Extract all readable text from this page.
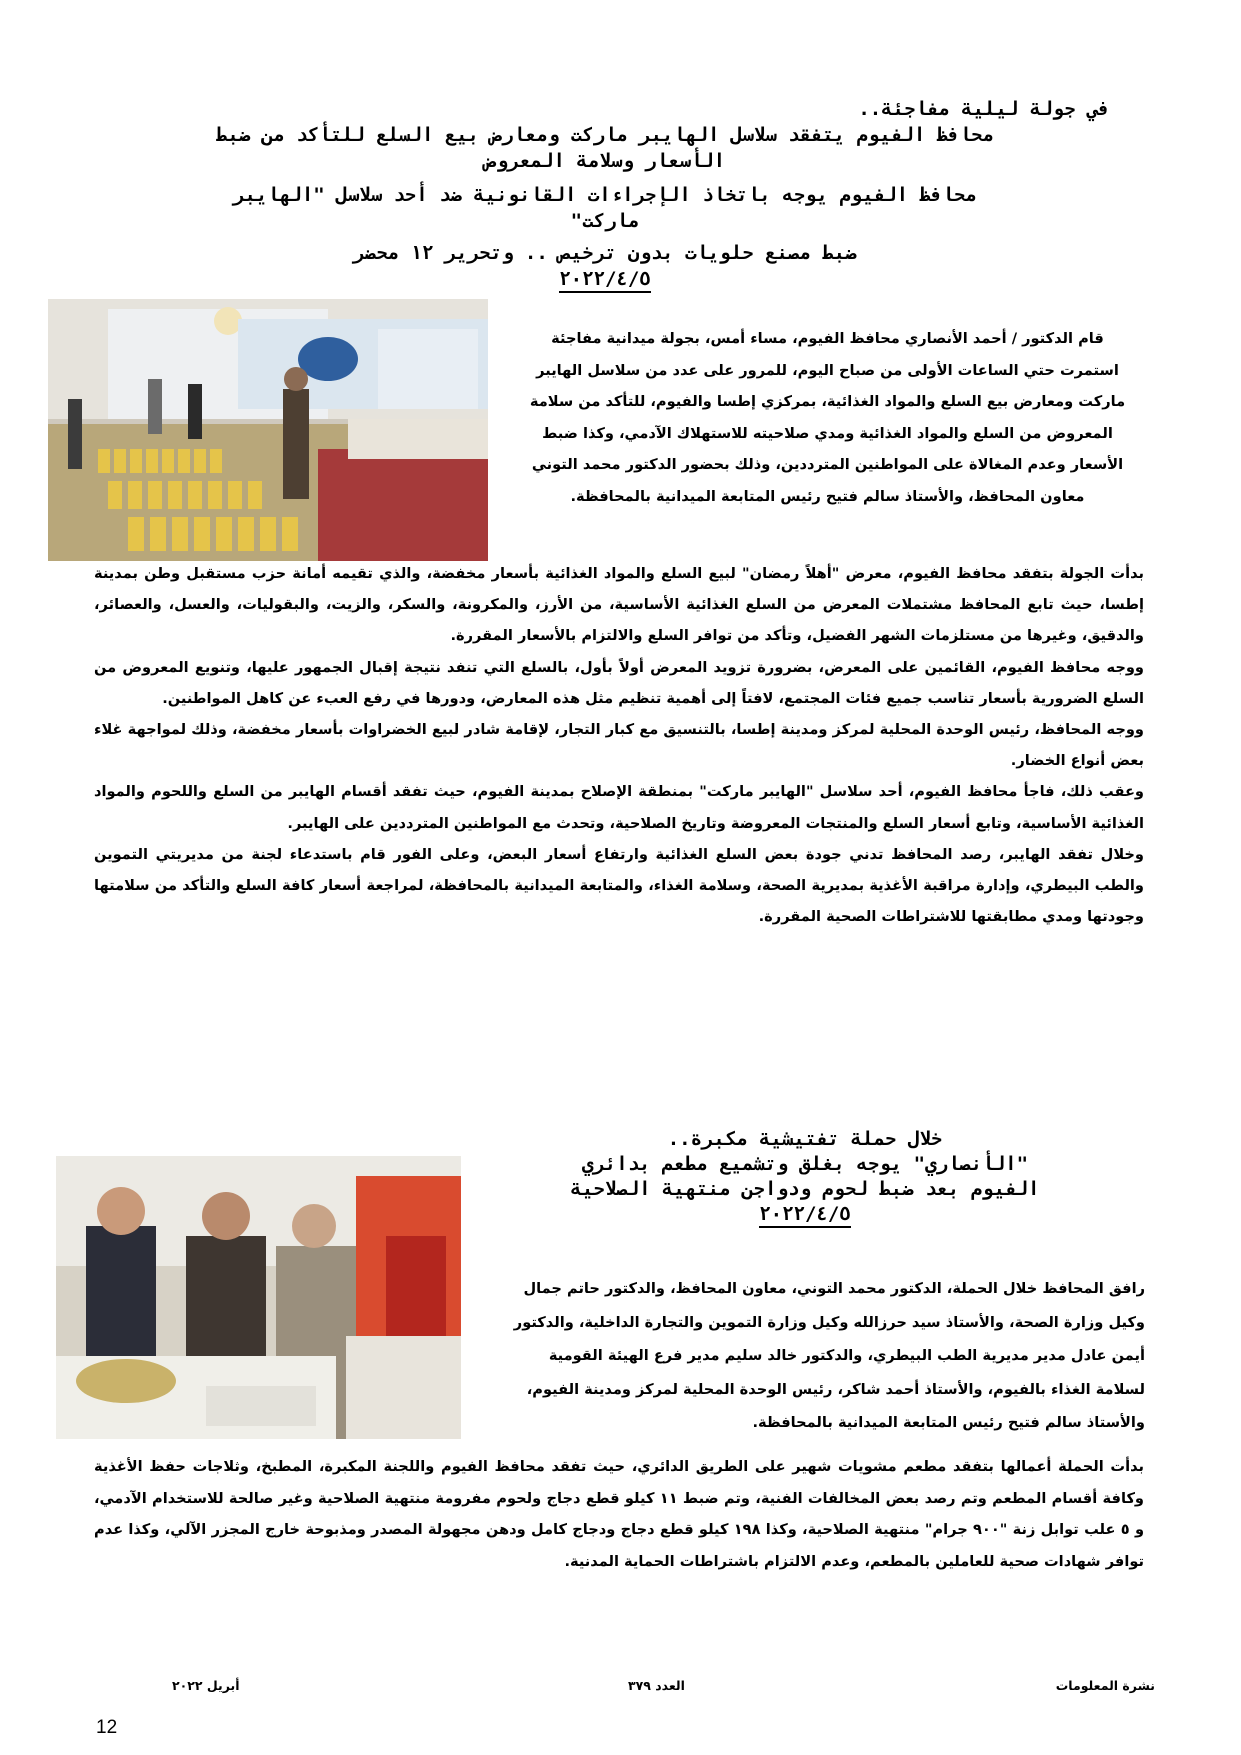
في جولة ليلية مفاجئة..
محافظ الفيوم يتفقد سلاسل الهايبر ماركت ومعارض بيع السلع للتأكد من ضبط
الأسعار وسلامة المعروض
محافظ الفيوم يوجه باتخاذ الإجراءات القانونية ضد أحد سلاسل "الهايبر
ماركت"
ضبط مصنع حلويات بدون ترخيص .. وتحرير ١٢ محضر
٢٠٢٢/٤/٥

قام الدكتور / أحمد الأنصاري محافظ الفيوم، مساء أمس، بجولة ميدانية مفاجئة

استمرت حتي الساعات الأولى من صباح اليوم، للمرور على عدد من سلاسل الهايبر

ماركت ومعارض بيع السلع والمواد الغذائية، بمركزي إطسا والفيوم، للتأكد من سلامة

المعروض من السلع والمواد الغذائية ومدي صلاحيته للاستهلاك الآدمي، وكذا ضبط

الأسعار وعدم المغالاة على المواطنين المترددين، وذلك بحضور الدكتور محمد التوني

معاون المحافظ، والأستاذ سالم فتيح رئيس المتابعة الميدانية بالمحافظة.

بدأت الجولة بتفقد محافظ الفيوم، معرض "أهلاً رمضان" لبيع السلع والمواد الغذائية بأسعار مخفضة، والذي تقيمه أمانة حزب مستقبل وطن بمدينة إطسا، حيث تابع المحافظ مشتملات المعرض من السلع الغذائية الأساسية، من الأرز، والمكرونة، والسكر، والزيت، والبقوليات، والعسل، والعصائر، والدقيق، وغيرها من مستلزمات الشهر الفضيل، وتأكد من توافر السلع والالتزام بالأسعار المقررة.

ووجه محافظ الفيوم، القائمين على المعرض، بضرورة تزويد المعرض أولاً بأول، بالسلع التي تنفد نتيجة إقبال الجمهور عليها، وتنويع المعروض من السلع الضرورية بأسعار تناسب جميع فئات المجتمع، لافتاً إلى أهمية تنظيم مثل هذه المعارض، ودورها في رفع العبء عن كاهل المواطنين.

ووجه المحافظ، رئيس الوحدة المحلية لمركز ومدينة إطسا، بالتنسيق مع كبار التجار، لإقامة شادر لبيع الخضراوات بأسعار مخفضة، وذلك لمواجهة غلاء بعض أنواع الخضار.

وعقب ذلك، فاجأ محافظ الفيوم، أحد سلاسل "الهايبر ماركت" بمنطقة الإصلاح بمدينة الفيوم، حيث تفقد أقسام الهايبر من السلع واللحوم والمواد الغذائية الأساسية، وتابع أسعار السلع والمنتجات المعروضة وتاريخ الصلاحية، وتحدث مع المواطنين المترددين على الهايبر.

وخلال تفقد الهايبر، رصد المحافظ تدني جودة بعض السلع الغذائية وارتفاع أسعار البعض، وعلى الفور قام باستدعاء لجنة من مديريتي التموين والطب البيطري، وإدارة مراقبة الأغذية بمديرية الصحة، وسلامة الغذاء، والمتابعة الميدانية بالمحافظة، لمراجعة أسعار كافة السلع والتأكد من سلامتها وجودتها ومدي مطابقتها للاشتراطات الصحية المقررة.

خلال حملة تفتيشية مكبرة..
"الأنصاري" يوجه بغلق وتشميع مطعم بدائري
الفيوم بعد ضبط لحوم ودواجن منتهية الصلاحية
٢٠٢٢/٤/٥

رافق المحافظ خلال الحملة، الدكتور محمد التوني، معاون المحافظ، والدكتور حاتم جمال

وكيل وزارة الصحة، والأستاذ سيد حرزالله وكيل وزارة التموين والتجارة الداخلية، والدكتور

أيمن عادل مدير مديرية الطب البيطري، والدكتور خالد سليم مدير فرع الهيئة القومية

لسلامة الغذاء بالفيوم، والأستاذ أحمد شاكر، رئيس الوحدة المحلية لمركز ومدينة الفيوم،

والأستاذ سالم فتيح رئيس المتابعة الميدانية بالمحافظة.

بدأت الحملة أعمالها بتفقد مطعم مشويات شهير على الطريق الدائري، حيث تفقد محافظ الفيوم واللجنة المكبرة، المطبخ، وثلاجات حفظ الأغذية وكافة أقسام المطعم وتم رصد بعض المخالفات الفنية، وتم ضبط ١١ كيلو قطع دجاج ولحوم مفرومة منتهية الصلاحية وغير صالحة للاستخدام الآدمي، و ٥ علب توابل زنة "٩٠٠ جرام" منتهية الصلاحية، وكذا ١٩٨ كيلو قطع دجاج ودجاج كامل ودهن مجهولة المصدر ومذبوحة خارج المجزر الآلي، وكذا عدم توافر شهادات صحية للعاملين بالمطعم، وعدم الالتزام باشتراطات الحماية المدنية.

نشرة المعلومات
العدد ٣٧٩
أبريل ٢٠٢٢
12
